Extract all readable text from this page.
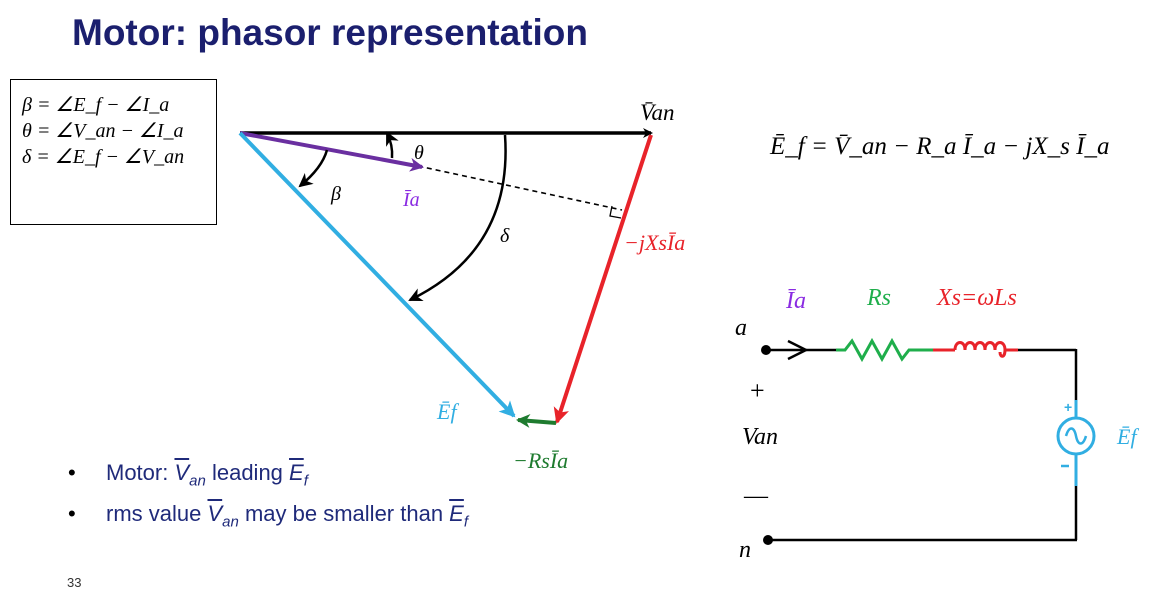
Motor: phasor representation
β = ∠E_f − ∠I_a
θ = ∠V_an − ∠I_a
δ = ∠E_f − ∠V_an
V̄an
Īa
Ēf
−jXsĪa
−RsĪa
θ
β
δ
Ē_f = V̄_an − R_a Ī_a − jX_s Ī_a
+
a
n
+
—
Van
Īa	Rs Xs=ωLs
Ēf
• Motor: $\overline{V}_{an}$ leading $\overline{E}_f$
• rms value $\overline{V}_{an}$ may be smaller than $\overline{E}_f$
33
